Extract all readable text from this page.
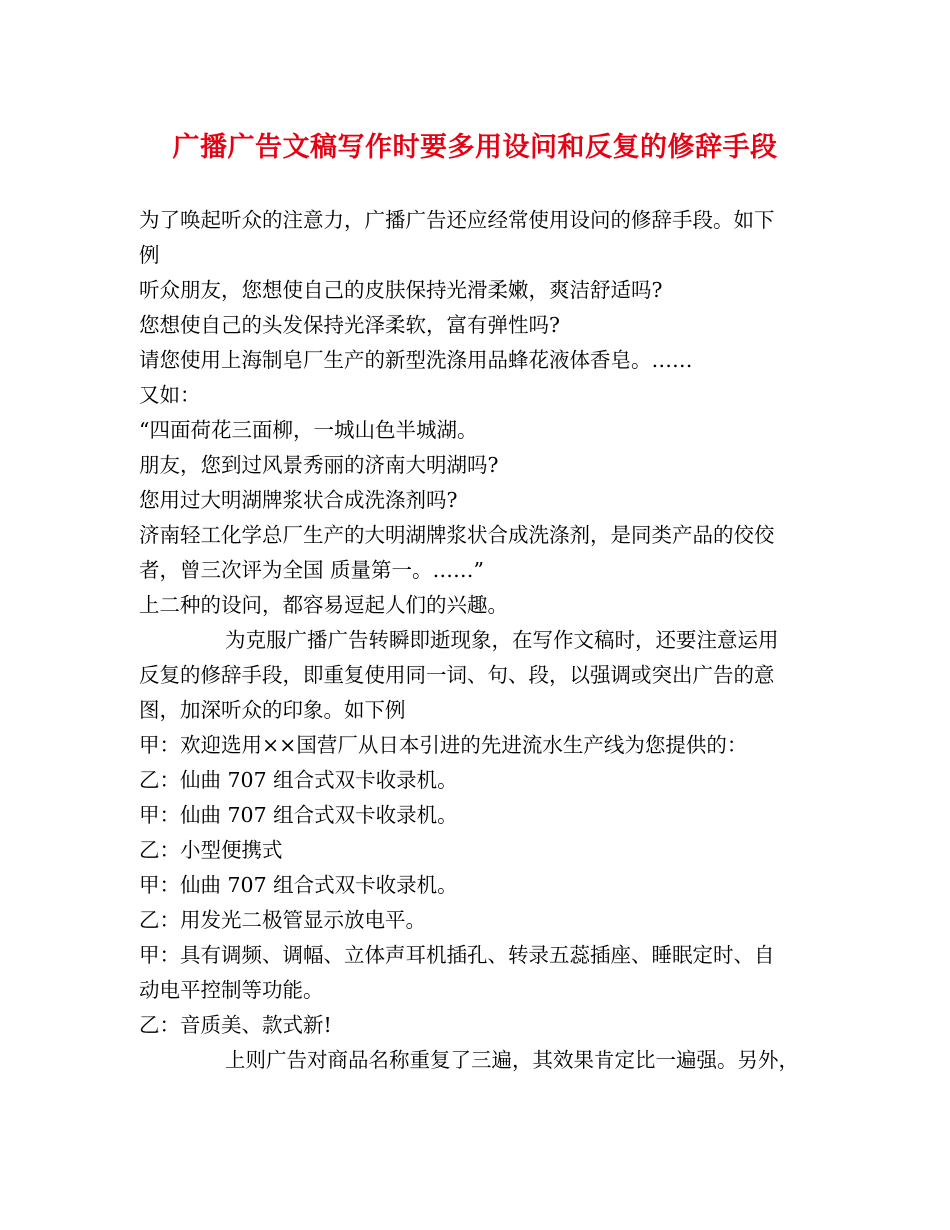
广播广告文稿写作时要多用设问和反复的修辞手段
为了唤起听众的注意力，广播广告还应经常使用设问的修辞手段。如下
例
听众朋友，您想使自己的皮肤保持光滑柔嫩，爽洁舒适吗?
您想使自己的头发保持光泽柔软，富有弹性吗?
请您使用上海制皂厂生产的新型洗涤用品蜂花液体香皂。……
又如：
“四面荷花三面柳，一城山色半城湖。
朋友，您到过风景秀丽的济南大明湖吗?
您用过大明湖牌浆状合成洗涤剂吗?
济南轻工化学总厂生产的大明湖牌浆状合成洗涤剂，是同类产品的佼佼
者，曾三次评为全国 质量第一。……”
上二种的设问，都容易逗起人们的兴趣。
为克服广播广告转瞬即逝现象，在写作文稿时，还要注意运用
反复的修辞手段，即重复使用同一词、句、段，以强调或突出广告的意
图，加深听众的印象。如下例
甲：欢迎选用××国营厂从日本引进的先进流水生产线为您提供的：
乙：仙曲 707 组合式双卡收录机。
甲：仙曲 707 组合式双卡收录机。
乙：小型便携式
甲：仙曲 707 组合式双卡收录机。
乙：用发光二极管显示放电平。
甲：具有调频、调幅、立体声耳机插孔、转录五蕊插座、睡眠定时、自
动电平控制等功能。
乙：音质美、款式新!
上则广告对商品名称重复了三遍，其效果肯定比一遍强。另外，
